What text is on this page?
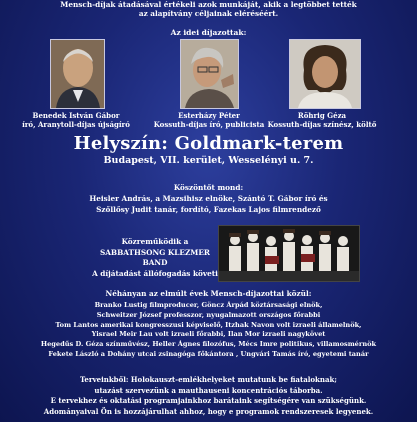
Mensch-díjak átadásával értékeli azok munkáját, akik a legtöbbet tették
az alapítvány céljainak eléréséért.
Az idei díjazottak:
Benedek István Gábor
író, Aranytoll-díjas újságíró
Esterházy Péter
Kossuth-díjas író, publicista
Röhrig Géza
Kossuth-díjas színész, költő
Helyszín: Goldmark-terem
Budapest, VII. kerület, Wesselényi u. 7.
Köszöntőt mond:
Heisler András, a Mazsihisz elnöke, Szántó T. Gábor író és
Szőllősy Judit tanár, fordító, Fazekas Lajos filmrendező
Közreműködik a
SABBATHSONG KLEZMER BAND
A díjátadást állófogadás követi
Néhányan az elmúlt évek Mensch-díjazottai közül:
Branko Lustig filmproducer, Göncz Árpád köztársasági elnök,
Schweitzer József professzor, nyugalmazott országos főrabbi
Tom Lantos amerikai kongresszusi képviselő, Itzhak Navon volt izraeli államelnök,
Yisrael Meir Lau volt izraeli főrabbi, Ilan Mor izraeli nagykövet
Hegedűs D. Géza színművész, Heller Ágnes filozófus, Mécs Imre politikus, villamosmérnök
Fekete László a Dohány utcai zsinagóga főkántora , Ungvári Tamás író, egyetemi tanár
Terveinkből: Holokauszt-emlékhelyeket mutatunk be fiataloknak;
utazást szervezünk a mauthauseni koncentrációs táborba.
E tervekhez és oktatási programjainkhoz barátaink segítségére van szükségünk.
Adományaival Ön is hozzájárulhat ahhoz, hogy e programok rendszeresek legyenek.
